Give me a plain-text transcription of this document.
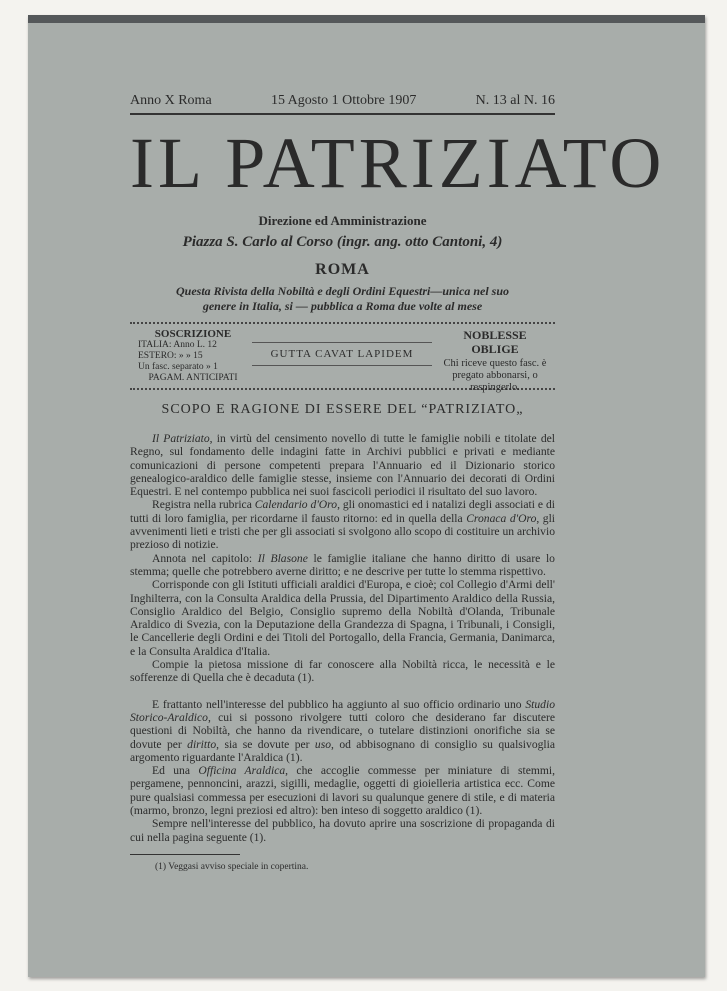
Anno X Roma	15 Agosto 1 Ottobre 1907	N. 13 al N. 16
IL PATRIZIATO
Direzione ed Amministrazione
Piazza S. Carlo al Corso (ingr. ang. otto Cantoni, 4)
ROMA
Questa Rivista della Nobiltà e degli Ordini Equestri—unica nel suo
genere in Italia, si — pubblica a Roma due volte al mese
SOSCRIZIONE
ITALIA: Anno L. 12
ESTERO: » » 15
Un fasc. separato » 1
PAGAM. ANTICIPATI
GUTTA CAVAT LAPIDEM
NOBLESSE OBLIGE
Chi riceve questo fasc. è pregato abbonarsi, o respingerlo.
SCOPO E RAGIONE DI ESSERE DEL “PATRIZIATO„

Il Patriziato, in virtù del censimento novello di tutte le famiglie nobili e titolate del Regno, sul fondamento delle indagini fatte in Archivi pubblici e privati e mediante comunicazioni di persone competenti prepara l'Annuario ed il Dizionario storico genealogico-araldico delle famiglie stesse, insieme con l'Annuario dei decorati di Ordini Equestri. E nel contempo pubblica nei suoi fascicoli periodici il risultato del suo lavoro.

Registra nella rubrica Calendario d'Oro, gli onomastici ed i natalizi degli associati e di tutti di loro famiglia, per ricordarne il fausto ritorno: ed in quella della Cronaca d'Oro, gli avvenimenti lieti e tristi che per gli associati si svolgono allo scopo di costituire un archivio prezioso di notizie.

Annota nel capitolo: Il Blasone le famiglie italiane che hanno diritto di usare lo stemma; quelle che potrebbero averne diritto; e ne descrive per tutte lo stemma rispettivo.

Corrisponde con gli Istituti ufficiali araldici d'Europa, e cioè; col Collegio d'Armi dell' Inghilterra, con la Consulta Araldica della Prussia, del Dipartimento Araldico della Russia, Consiglio Araldico del Belgio, Consiglio supremo della Nobiltà d'Olanda, Tribunale Araldico di Svezia, con la Deputazione della Grandezza di Spagna, i Tribunali, i Consigli, le Cancellerie degli Ordini e dei Titoli del Portogallo, della Francia, Germania, Danimarca, e la Consulta Araldica d'Italia.

Compie la pietosa missione di far conoscere alla Nobiltà ricca, le necessità e le sofferenze di Quella che è decaduta (1).

E frattanto nell'interesse del pubblico ha aggiunto al suo officio ordinario uno Studio Storico-Araldico, cui si possono rivolgere tutti coloro che desiderano far discutere questioni di Nobiltà, che hanno da rivendicare, o tutelare distinzioni onorifiche sia se dovute per diritto, sia se dovute per uso, od abbisognano di consiglio su qualsivoglia argomento riguardante l'Araldica (1).

Ed una Officina Araldica, che accoglie commesse per miniature di stemmi, pergamene, pennoncini, arazzi, sigilli, medaglie, oggetti di gioielleria artistica ecc. Come pure qualsiasi commessa per esecuzioni di lavori su qualunque genere di stile, e di materia (marmo, bronzo, legni preziosi ed altro): ben inteso di soggetto araldico (1).

Sempre nell'interesse del pubblico, ha dovuto aprire una soscrizione di propaganda di cui nella pagina seguente (1).

(1) Veggasi avviso speciale in copertina.
